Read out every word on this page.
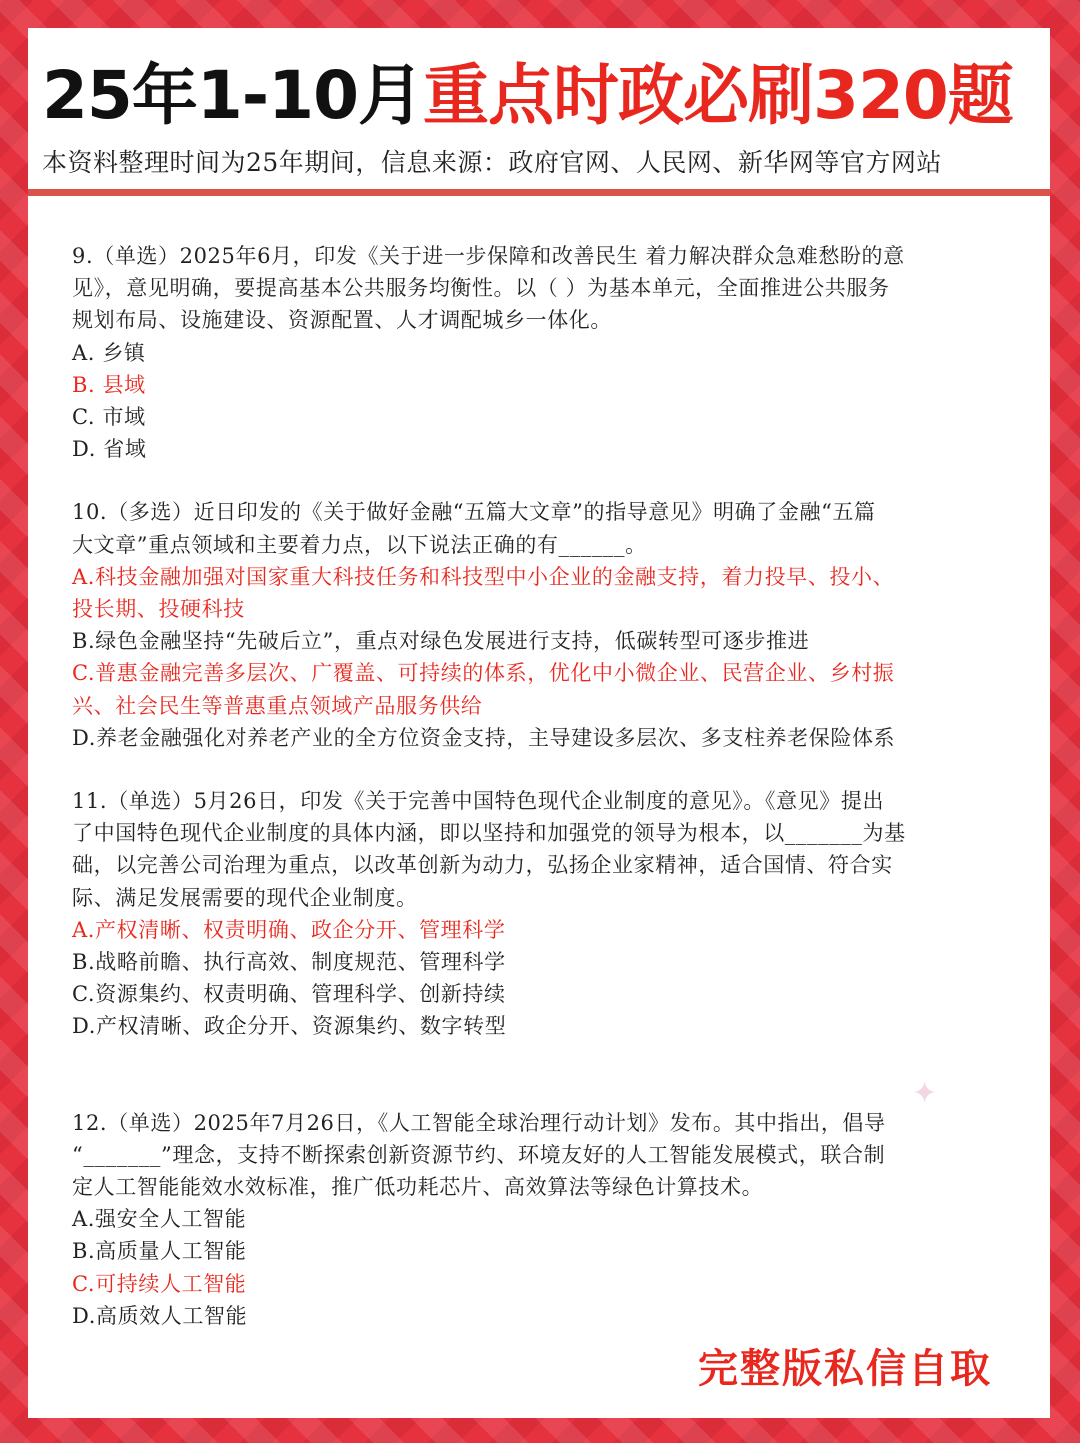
25年1-10月重点时政必刷320题
本资料整理时间为25年期间，信息来源：政府官网、人民网、新华网等官方网站

9.（单选）2025年6月，印发《关于进一步保障和改善民生 着力解决群众急难愁盼的意

见》，意见明确，要提高基本公共服务均衡性。以（ ）为基本单元，全面推进公共服务

规划布局、设施建设、资源配置、人才调配城乡一体化。

A. 乡镇

B. 县域

C. 市域

D. 省域

10.（多选）近日印发的《关于做好金融“五篇大文章”的指导意见》明确了金融“五篇

大文章”重点领域和主要着力点，以下说法正确的有______。

A.科技金融加强对国家重大科技任务和科技型中小企业的金融支持，着力投早、投小、

投长期、投硬科技

B.绿色金融坚持“先破后立”，重点对绿色发展进行支持，低碳转型可逐步推进

C.普惠金融完善多层次、广覆盖、可持续的体系，优化中小微企业、民营企业、乡村振

兴、社会民生等普惠重点领域产品服务供给

D.养老金融强化对养老产业的全方位资金支持，主导建设多层次、多支柱养老保险体系

11.（单选）5月26日，印发《关于完善中国特色现代企业制度的意见》。《意见》提出

了中国特色现代企业制度的具体内涵，即以坚持和加强党的领导为根本，以_______为基

础，以完善公司治理为重点，以改革创新为动力，弘扬企业家精神，适合国情、符合实

际、满足发展需要的现代企业制度。

A.产权清晰、权责明确、政企分开、管理科学

B.战略前瞻、执行高效、制度规范、管理科学

C.资源集约、权责明确、管理科学、创新持续

D.产权清晰、政企分开、资源集约、数字转型

12.（单选）2025年7月26日，《人工智能全球治理行动计划》发布。其中指出，倡导

“_______”理念，支持不断探索创新资源节约、环境友好的人工智能发展模式，联合制

定人工智能能效水效标准，推广低功耗芯片、高效算法等绿色计算技术。

A.强安全人工智能

B.高质量人工智能

C.可持续人工智能

D.高质效人工智能

✦
完整版私信自取
